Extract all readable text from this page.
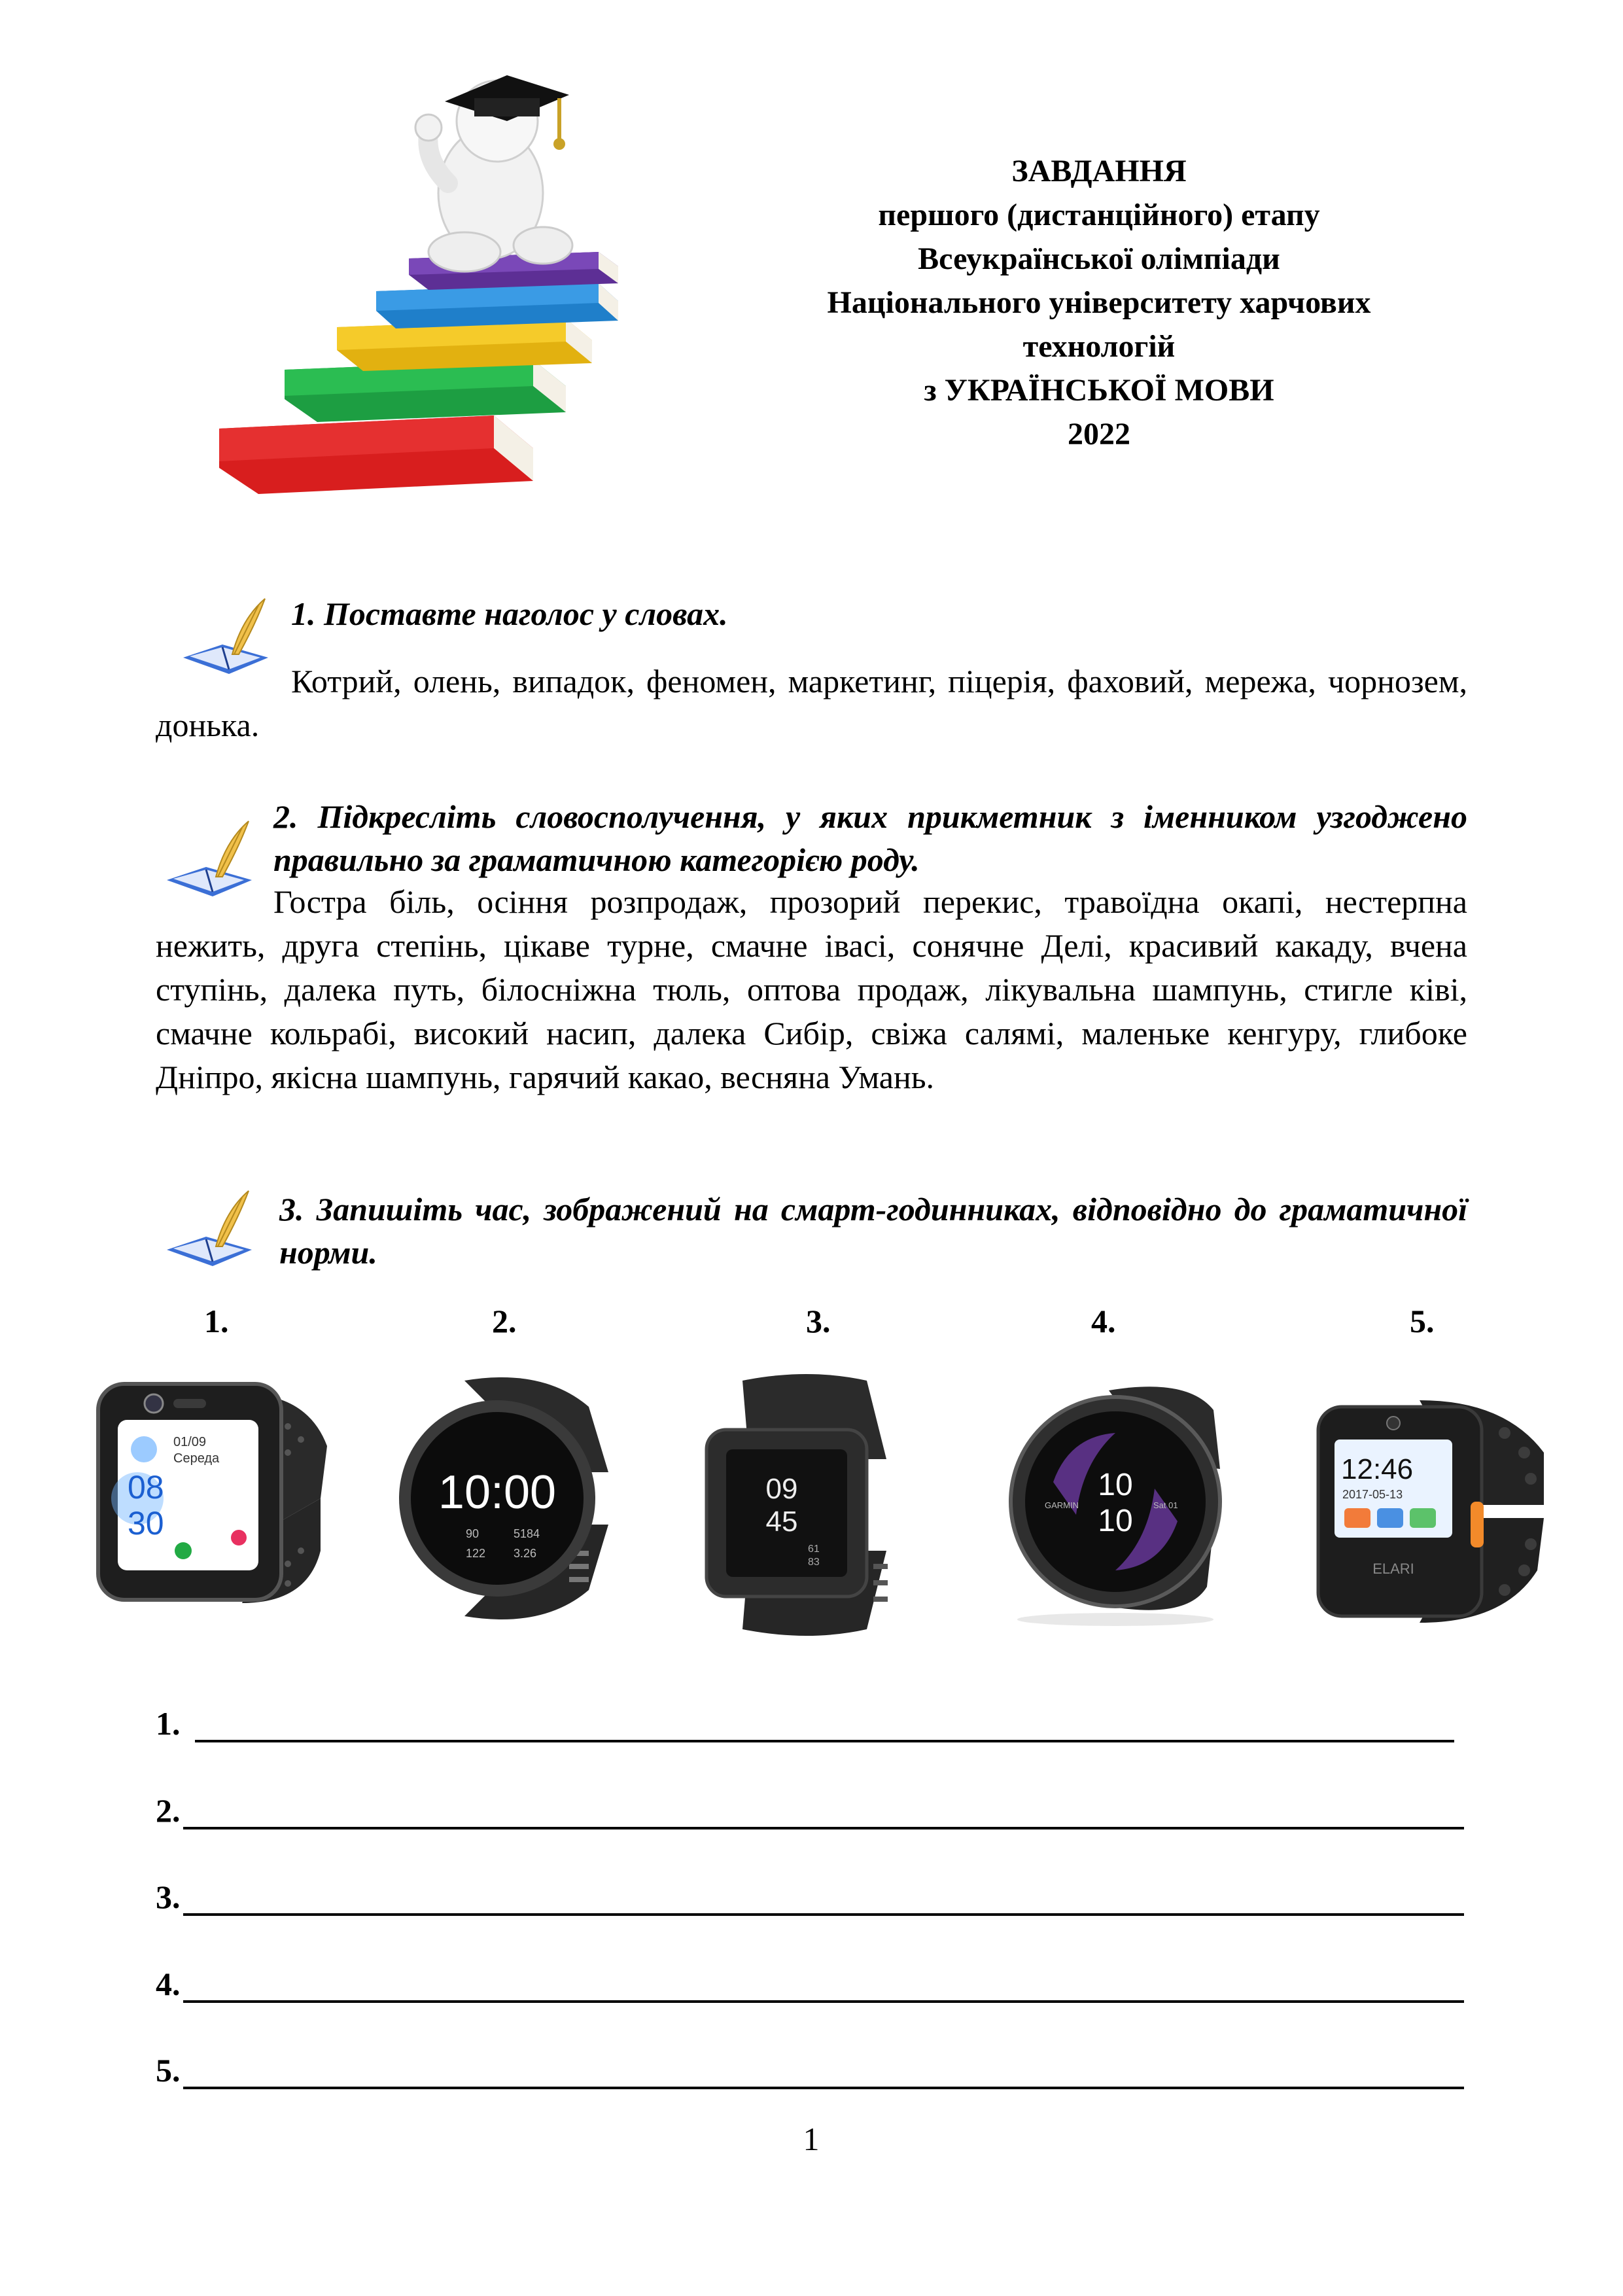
ЗАВДАННЯ
першого (дистанційного) етапу
Всеукраїнської олімпіади
Національного університету харчових
технологій
з УКРАЇНСЬКОЇ МОВИ
2022
1. Поставте наголос у словах.
Котрий, олень, випадок, феномен, маркетинг, піцерія, фаховий, мережа, чорнозем, донька.
2. Підкресліть словосполучення, у яких прикметник з іменником узгоджено правильно за граматичною категорією роду.
Гостра біль, осіння розпродаж, прозорий перекис, травоїдна окапі, нестерпна нежить, друга степінь, цікаве турне, смачне івасі, сонячне Делі, красивий какаду, вчена ступінь, далека путь, білосніжна тюль, оптова продаж, лікувальна шампунь, стигле ківі, смачне кольрабі, високий насип, далека Сибір, свіжа салямі, маленьке кенгуру, глибоке Дніпро, якісна шампунь, гарячий какао, весняна Умань.
3. Запишіть час, зображений на смарт-годинниках, відповідно до граматичної норми.
1.	2.	3.	4.	5.
01/09
Середа
08
30
10:00
90	5184
122 3.26
09
45
61
83
10
10
GARMIN	Sat 01
12:46
2017-05-13
ELARI
1.
2.
3.
4.
5.
1
